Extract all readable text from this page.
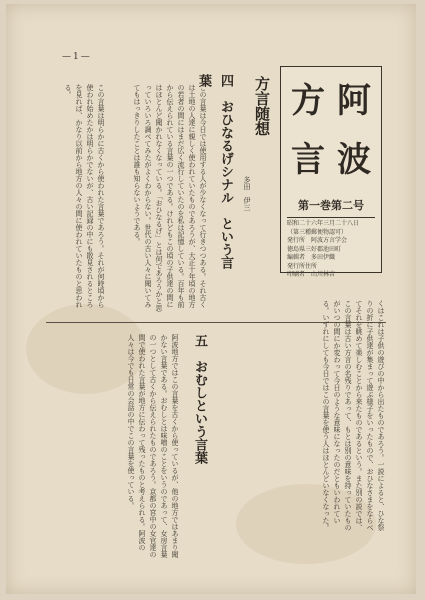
—1—
方言随想
多田　伊三
四　おひなるげシナル　という言葉
この言葉は今日では使用する人が少なくなって行きつつある。それ古くは土地の人達に親しく使われていたものであろうが、大正十年頃の地方の若者の間にはまだ広く流行していたのを私は記憶している。百年も前から伝えられている言葉の一つである。けれどもこの頃の子供達の間にはほとんど聞かれなくなっている。「おひなるげ」とは何であろうかと思っていろいろ調べてみたがよくわからない。世代の古い人々に聞いてみてもはっきりしたことは誰も知らないようである。	方 阿
言 波
第一巻第二号
昭和二十六年三月二十八日
（第三種郵便物認可）
発行所　阿波方言学会
徳島県三好郡池田町
編輯者　多田伊織
発行所住所
印刷者　山川林吉
この言葉は明らかに古くから使われた言葉であろう。それが何時頃から使われ始めたかは明らかでないが、古い記録の中にも散見されるところを見れば、かなり以前から地方の人々の間に使われていたものと思われる。
くはこれは子供の遊びの中から出たものであろう。一説によると、ひな祭りの折に子供達が集まって遊ぶ様子をいったもので、おひなさまをならべてそれを眺めて楽しむことから来たものであるという。また別の説では、この言葉は古い方言の名残りであって、もとは別の意味を持っていたものがいつの間にか変わって今日のような意味になったのだともいわれている。いずれにしても今日ではこの言葉を使う人はほとんどいなくなった。
五　おむしという言葉
阿波地方ではこの言葉を古くから使っているが、他の地方ではあまり聞かない言葉である。おむしとは味噌のことをいうのであって、女房言葉の一つとして古くから伝えられたものであろう。京都の宮中の女官達の間で使われた言葉が地方に伝わって残ったものと考えられる。阿波の人々は今でも日常の会話の中でこの言葉を使っている。
